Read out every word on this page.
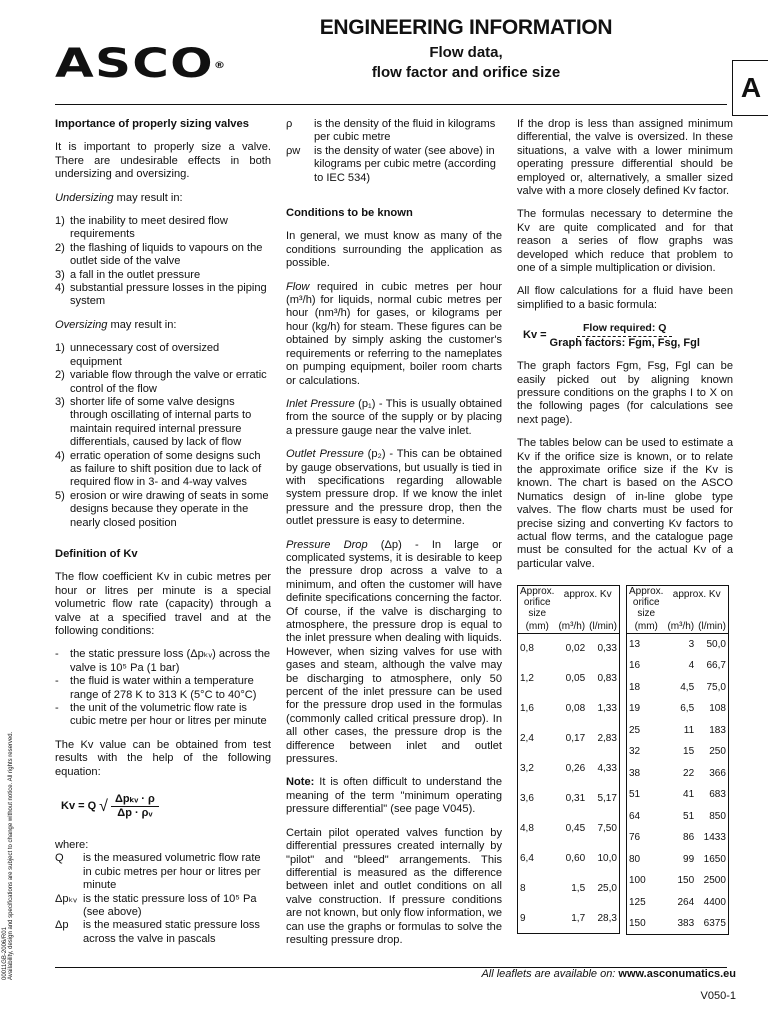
ASCO®
ENGINEERING INFORMATION
Flow data,
flow factor and orifice size	A
Importance of properly sizing valves

It is important to properly size a valve. There are undesirable effects in both undersizing and oversizing.

Undersizing may result in:

1) the inability to meet desired flow requirements
2) the flashing of liquids to vapours on the outlet side of the valve
3) a fall in the outlet pressure
4) substantial pressure losses in the piping system

Oversizing may result in:

1) unnecessary cost of oversized equipment
2) variable flow through the valve or erratic control of the flow
3) shorter life of some valve designs through oscillating of internal parts to maintain required internal pressure differentials, caused by lack of flow
4) erratic operation of some designs such as failure to shift position due to lack of required flow in 3- and 4-way valves
5) erosion or wire drawing of seats in some designs because they operate in the nearly closed position
Definition of Kv

The flow coefficient Kv in cubic metres per hour or litres per minute is a special volumetric flow rate (capacity) through a valve at a specified travel and at the following conditions:

-	the static pressure loss (Δpₖᵥ) across the valve is 10⁵ Pa (1 bar)
-	the fluid is water within a temperature range of 278 K to 313 K (5°C to 40°C)
-	the unit of the volumetric flow rate is cubic metre per hour or litres per minute

The Kv value can be obtained from test results with the help of the following equation:

Kv = Q √ $\frac{\text{Δpₖᵥ · ρ}}{\text{Δp · ρᵥ}}$
where:
Q	is the measured volumetric flow rate in cubic metres per hour or litres per minute
Δpₖᵥ is the static pressure loss of 10⁵ Pa (see above)
Δp	is the measured static pressure loss across the valve in pascals
ρ	is the density of the fluid in kilograms per cubic metre
ρw	is the density of water (see above) in kilograms per cubic metre (according to IEC 534)
Conditions to be known

In general, we must know as many of the conditions surrounding the application as possible.

Flow required in cubic metres per hour (m³/h) for liquids, normal cubic metres per hour (nm³/h) for gases, or kilograms per hour (kg/h) for steam. These figures can be obtained by simply asking the customer's requirements or referring to the nameplates on pumping equipment, boiler room charts or calculations.

Inlet Pressure (p₁) - This is usually obtained from the source of the supply or by placing a pressure gauge near the valve inlet.

Outlet Pressure (p₂) - This can be obtained by gauge observations, but usually is tied in with specifications regarding allowable system pressure drop. If we know the inlet pressure and the pressure drop, then the outlet pressure is easy to determine.

Pressure Drop (Δp) - In large or complicated systems, it is desirable to keep the pressure drop across a valve to a minimum, and often the customer will have definite specifications concerning the factor. Of course, if the valve is discharging to atmosphere, the pressure drop is equal to the inlet pressure when dealing with liquids. However, when sizing valves for use with gases and steam, although the valve may be discharging to atmosphere, only 50 percent of the inlet pressure can be used for the pressure drop used in the formulas (commonly called critical pressure drop). In all other cases, the pressure drop is the difference between inlet and outlet pressures.

Note: It is often difficult to understand the meaning of the term "minimum operating pressure differential" (see page V045).

Certain pilot operated valves function by differential pressures created internally by "pilot" and "bleed" arrangements. This differential is measured as the difference between inlet and outlet conditions on all valve construction. If pressure conditions are not known, but only flow information, we can use the graphs or formulas to solve the resulting pressure drop.

If the drop is less than assigned minimum differential, the valve is oversized. In these situations, a valve with a lower minimum operating pressure differential should be employed or, alternatively, a smaller sized valve with a more closely defined Kv factor.

The formulas necessary to determine the Kv are quite complicated and for that reason a series of flow graphs was developed which reduce that problem to one of a simple multiplication or division.

All flow calculations for a fluid have been simplified to a basic formula:

$Kv = \frac{\text{Flow required: Q}}{\text{Graph factors: Fgm, Fsg, Fgl}}$

The graph factors Fgm, Fsg, Fgl can be easily picked out by aligning known pressure conditions on the graphs I to X on the following pages (for calculations see next page).

The tables below can be used to estimate a Kv if the orifice size is known, or to relate the approximate orifice size if the Kv is known. The chart is based on the ASCO Numatics design of in-line globe type valves. The flow charts must be used for precise sizing and converting Kv factors to actual flow terms, and the catalogue page must be consulted for the actual Kv of a particular valve.

Approx. orifice size	approx. Kv	

(mm)	(m³/h)	(l/min)
0,8	0,02	0,33
1,2	0,05	0,83
1,6	0,08	1,33
2,4	0,17	2,83
3,2	0,26	4,33
3,6	0,31	5,17
4,8	0,45	7,50
6,4	0,60	10,0
8	1,5	25,0
9	1,7	28,3
Approx. orifice size	approx. Kv	

(mm)	(m³/h)	(l/min)
13	3	50,0
16	4	66,7
18	4,5	75,0
19	6,5	108
25	11	183
32	15	250
38	22	366
51	41	683
64	51	850
76	86	1433
80	99	1650
100	150	2500
125	264	4400
150	383	6375
00011GB-2006/R01
Availability, design and specifications are subject to change without notice. All rights reserved.	All leaflets are available on: www.asconumatics.eu
V050-1
